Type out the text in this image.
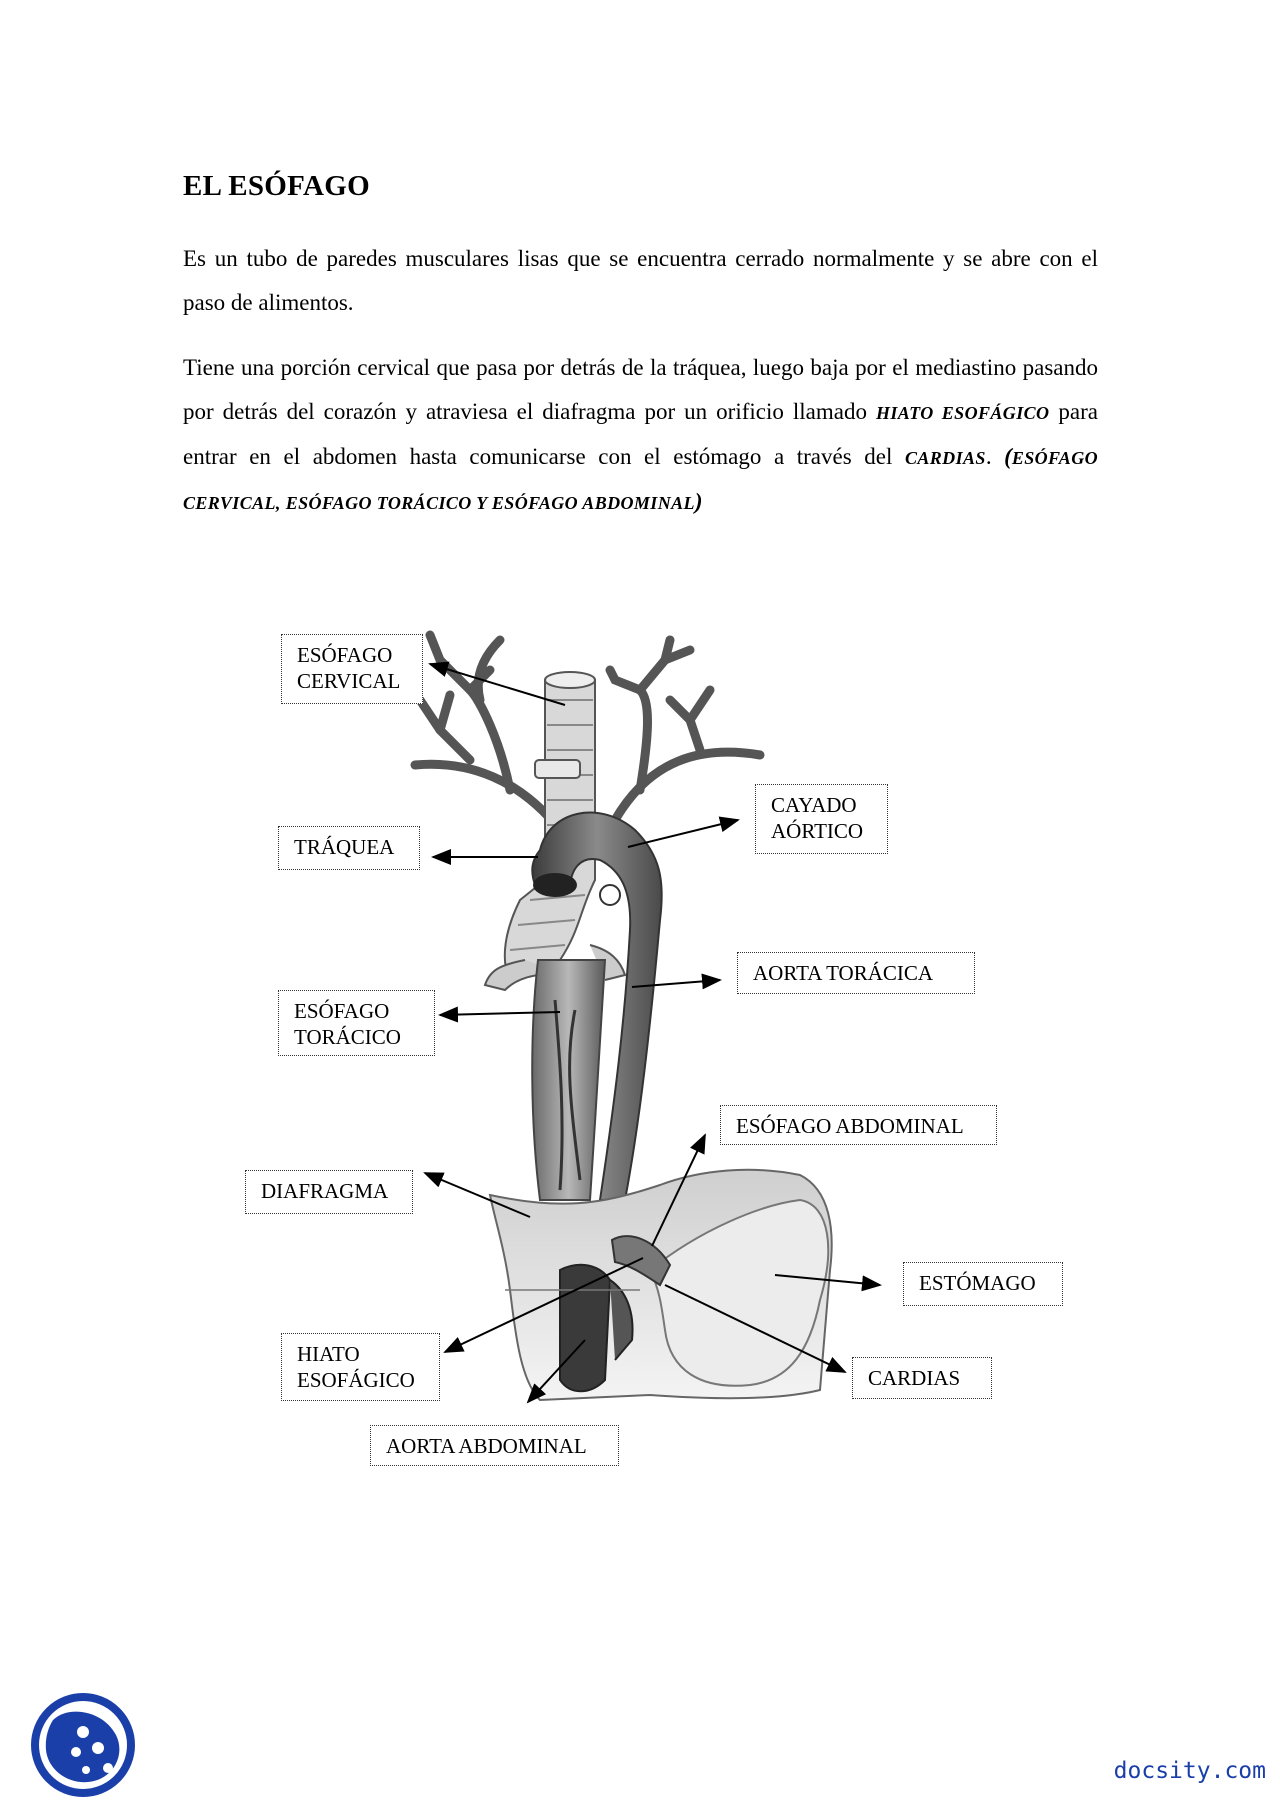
EL ESÓFAGO

Es un tubo de paredes musculares lisas que se encuentra cerrado normalmente y se abre con el paso de alimentos.

Tiene una porción cervical que pasa por detrás de la tráquea, luego baja por el mediastino pasando por detrás del corazón y atraviesa el diafragma por un orificio llamado HIATO ESOFÁGICO para entrar en el abdomen hasta comunicarse con el estómago a través del CARDIAS. (ESÓFAGO CERVICAL, ESÓFAGO TORÁCICO Y ESÓFAGO ABDOMINAL)

ESÓFAGO
CERVICAL
TRÁQUEA
CAYADO
AÓRTICO
AORTA TORÁCICA
ESÓFAGO
TORÁCICO
ESÓFAGO ABDOMINAL
DIAFRAGMA
ESTÓMAGO
HIATO
ESOFÁGICO	CARDIAS
AORTA ABDOMINAL
docsity.com
